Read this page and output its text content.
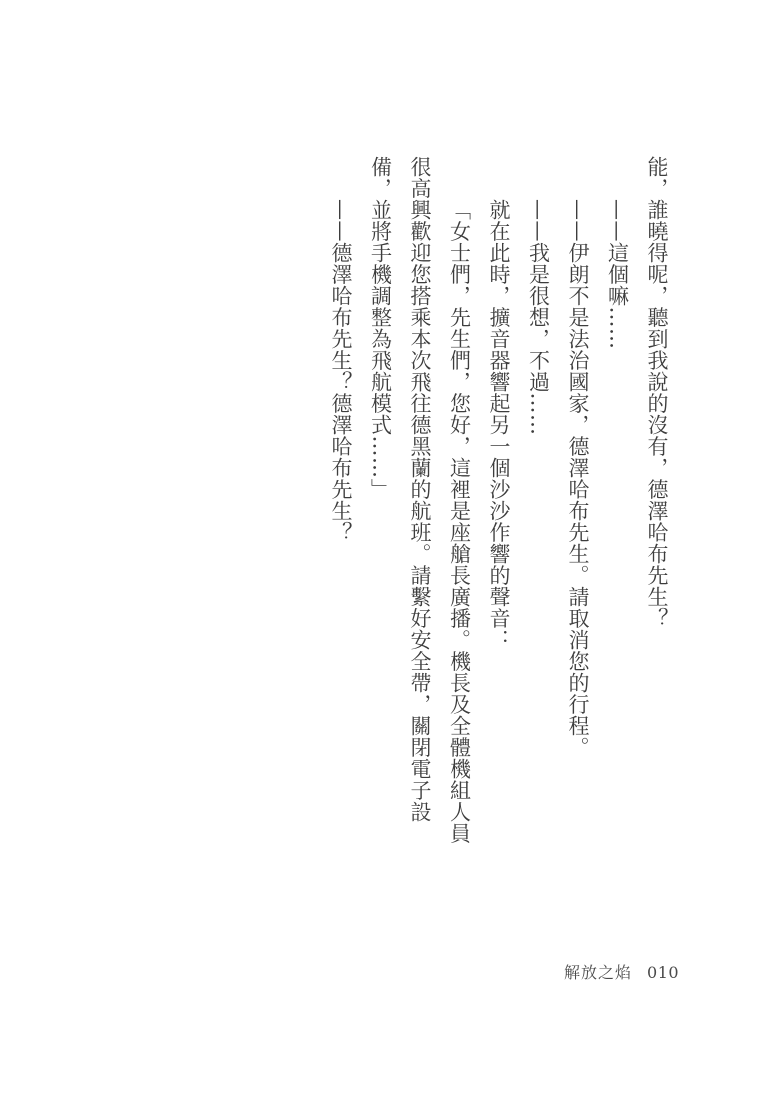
能，誰曉得呢，聽到我說的沒有，德澤哈布先生？

——這個嘛……

——伊朗不是法治國家，德澤哈布先生。請取消您的行程。

——我是很想，不過……

就在此時，擴音器響起另一個沙沙作響的聲音：

「女士們，先生們，您好，這裡是座艙長廣播。機長及全體機組人員
很高興歡迎您搭乘本次飛往德黑蘭的航班。請繫好安全帶，關閉電子設
備，並將手機調整為飛航模式……」

——德澤哈布先生？德澤哈布先生？

解放之焰 010
